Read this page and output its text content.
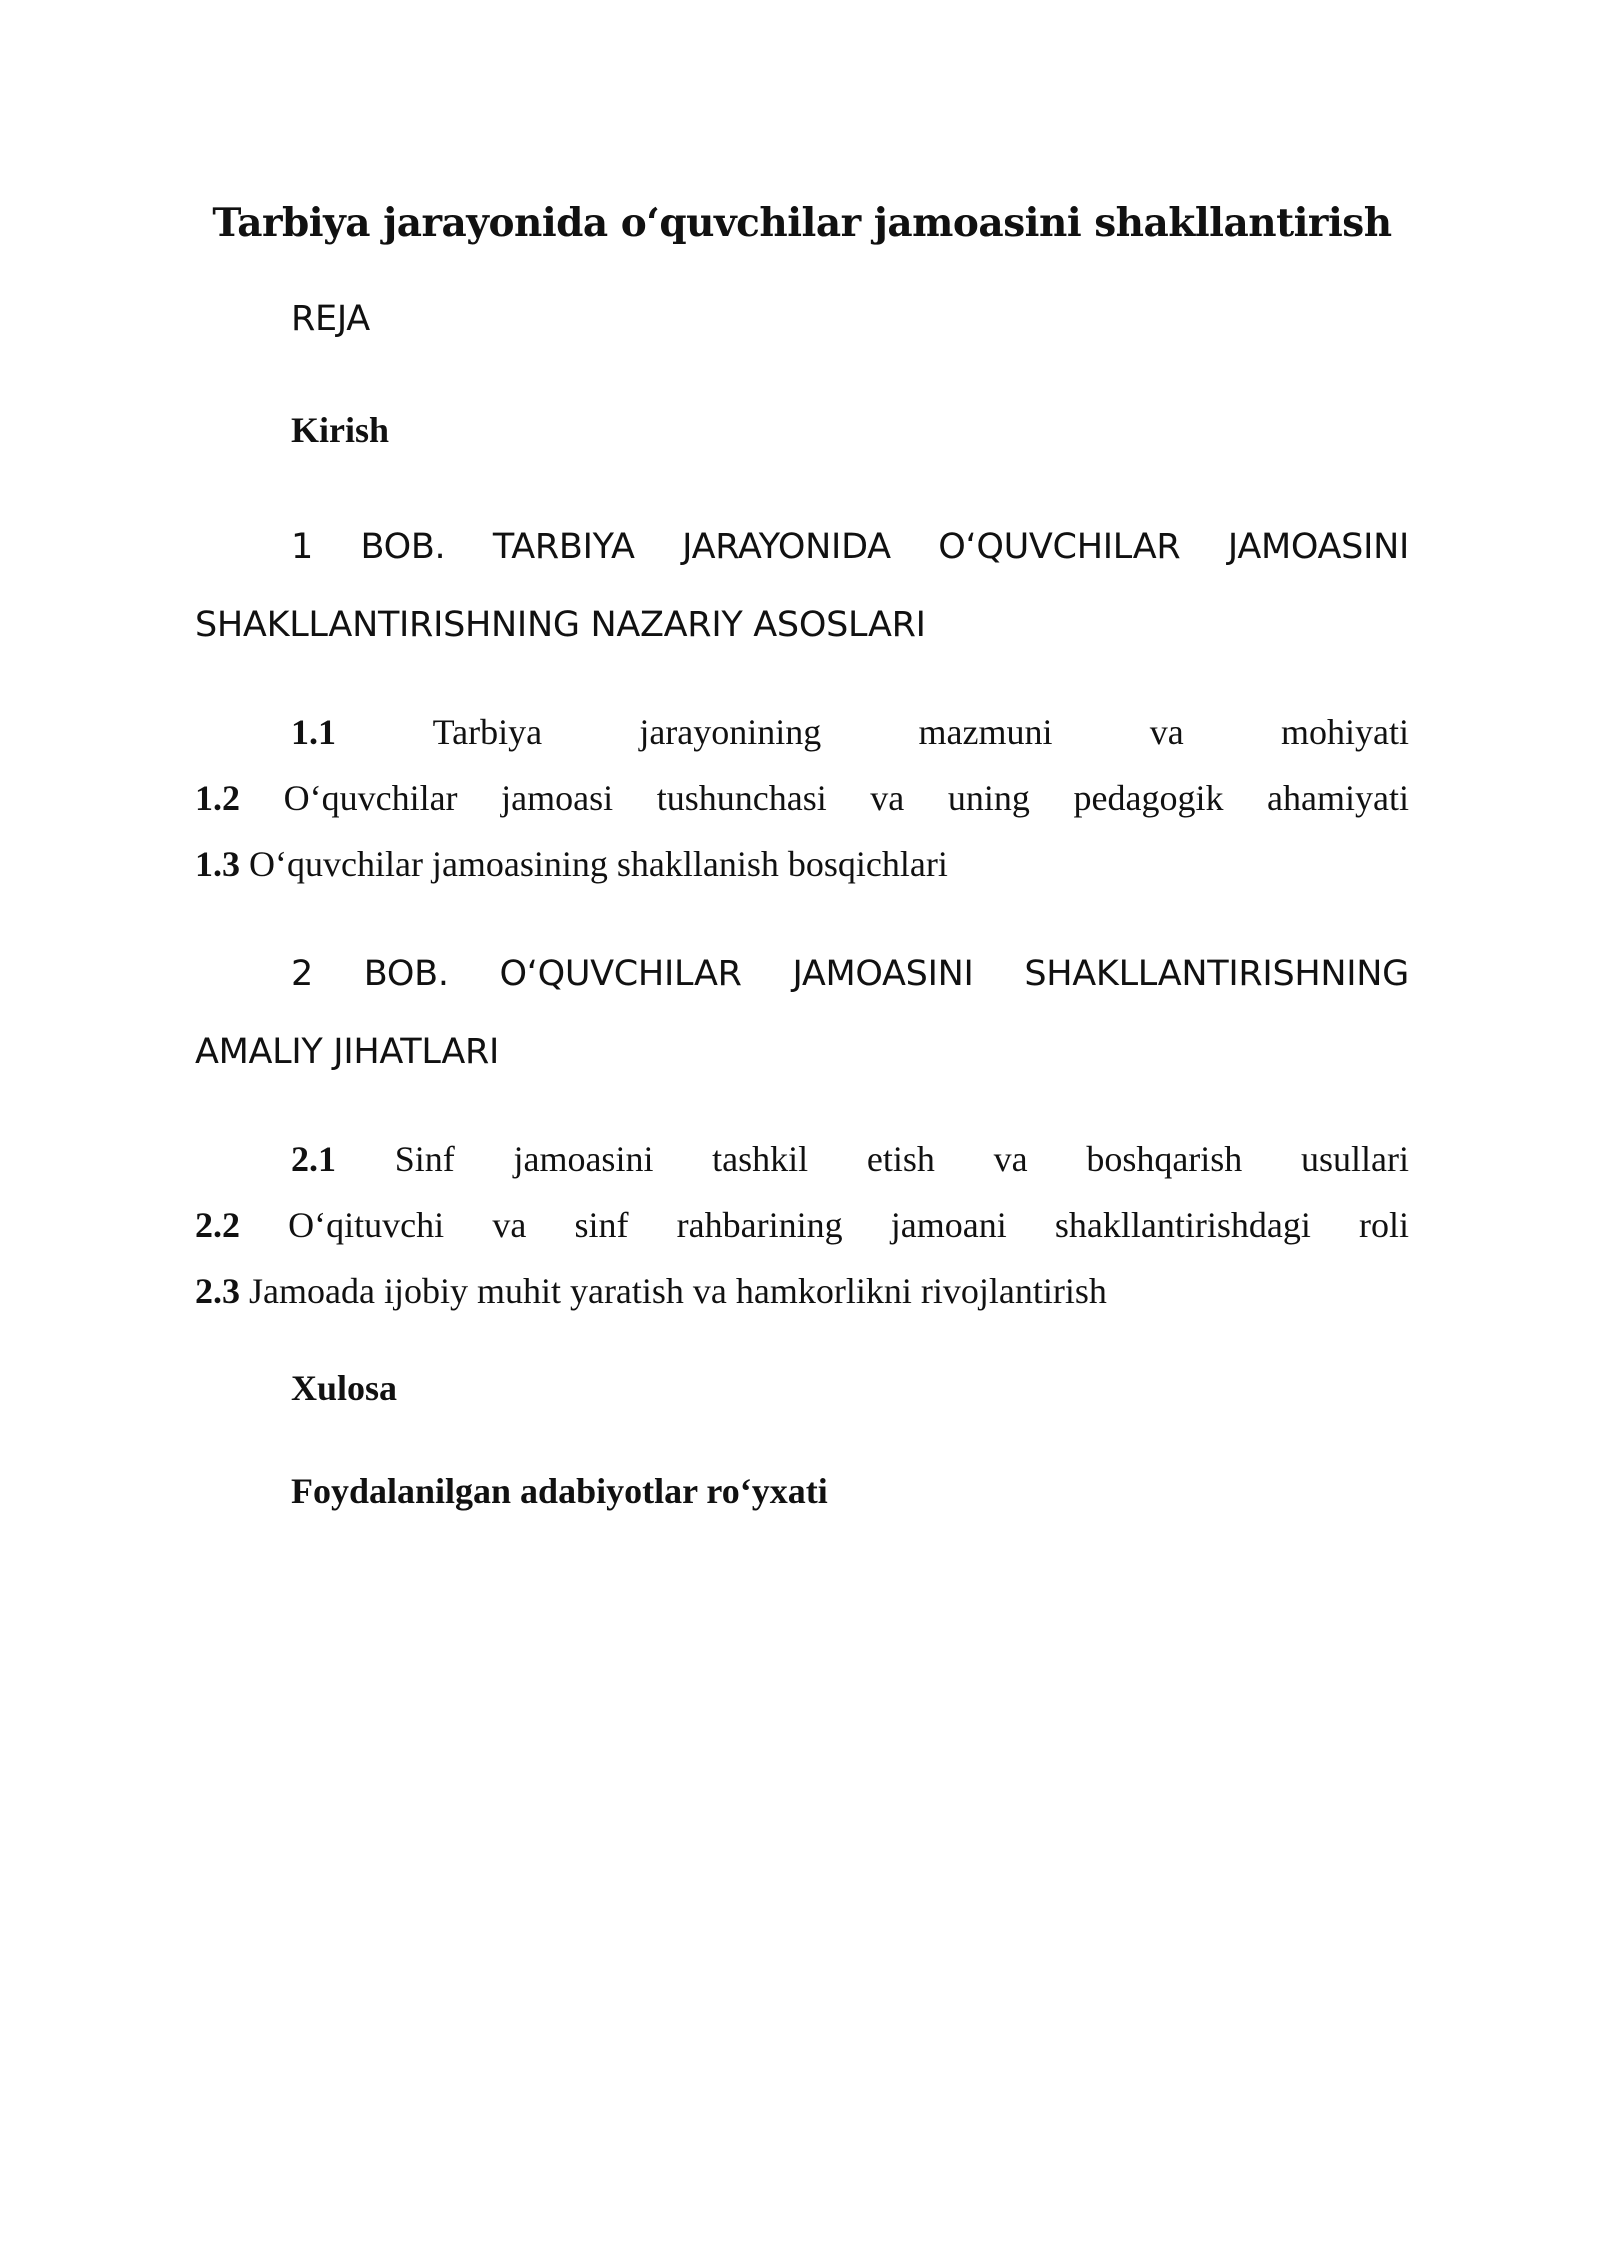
Tarbiya jarayonida o‘quvchilar jamoasini shakllantirish

REJA

Kirish

1 BOB. TARBIYA JARAYONIDA O‘QUVCHILAR JAMOASINI

SHAKLLANTIRISHNING NAZARIY ASOSLARI

1.1	Tarbiya jarayonining mazmuni va mohiyati

1.2 O‘quvchilar jamoasi tushunchasi va uning pedagogik ahamiyati

1.3 O‘quvchilar jamoasining shakllanish bosqichlari

2 BOB. O‘QUVCHILAR JAMOASINI SHAKLLANTIRISHNING

AMALIY JIHATLARI

2.1 Sinf jamoasini tashkil etish va boshqarish usullari

2.2 O‘qituvchi va sinf rahbarining jamoani shakllantirishdagi roli

2.3 Jamoada ijobiy muhit yaratish va hamkorlikni rivojlantirish

Xulosa

Foydalanilgan adabiyotlar ro‘yxati
